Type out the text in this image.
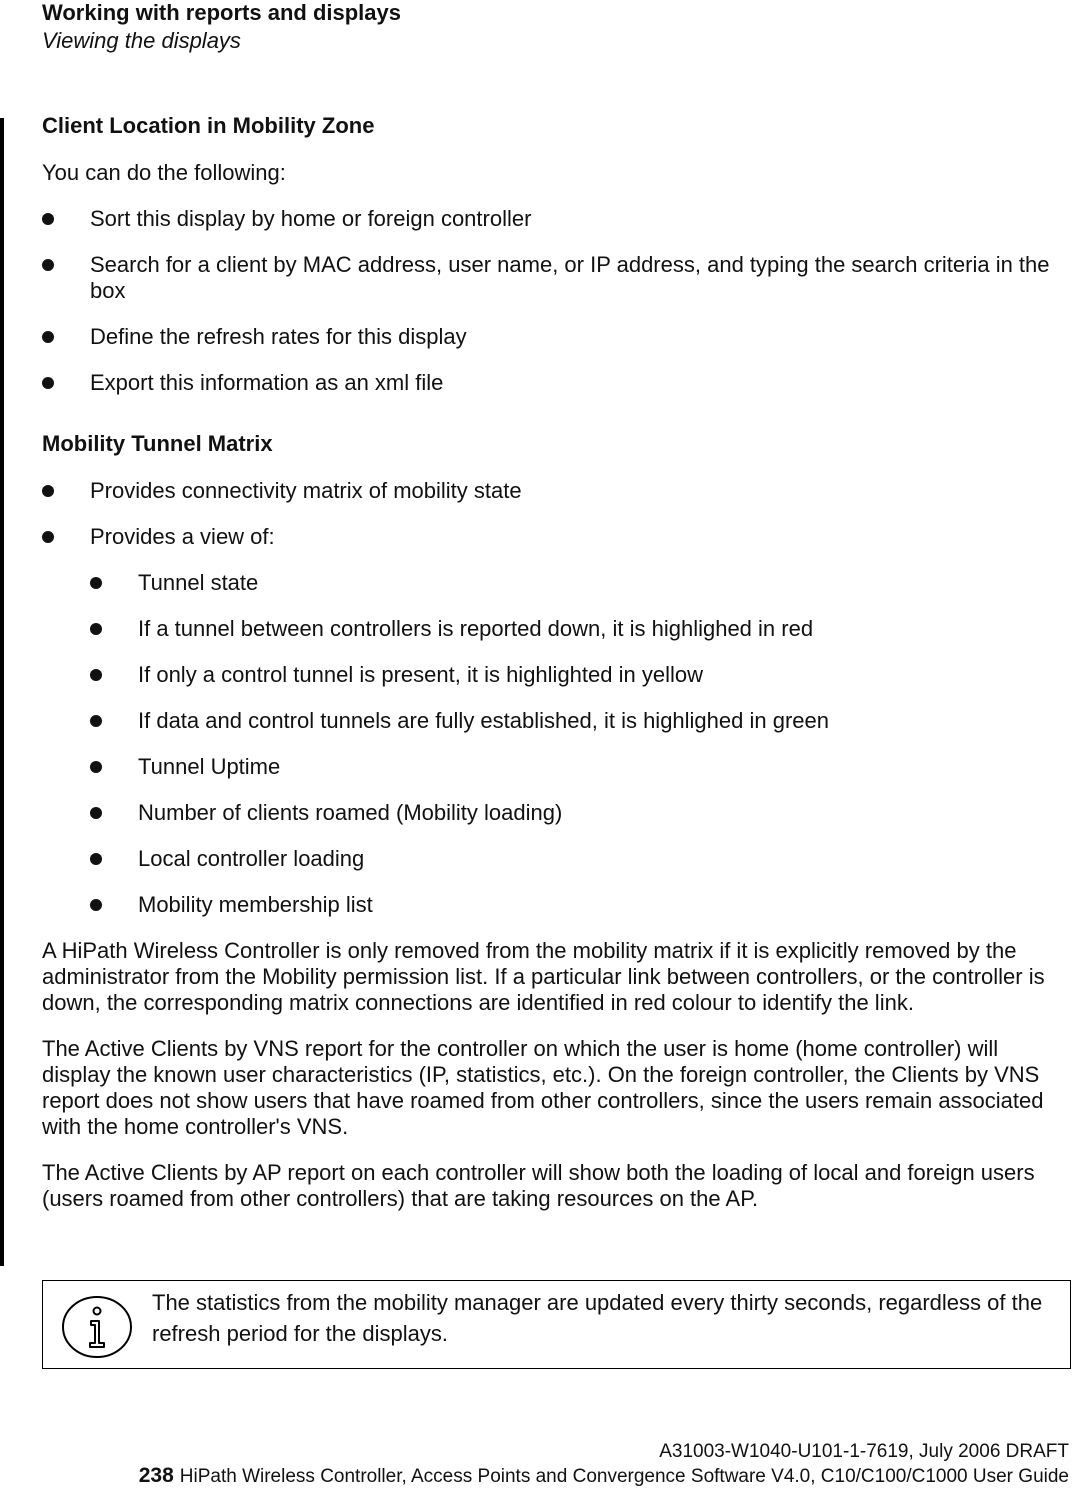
Working with reports and displays
Viewing the displays
Client Location in Mobility Zone

You can do the following:

Sort this display by home or foreign controller
Search for a client by MAC address, user name, or IP address, and typing the search criteria in the box
Define the refresh rates for this display
Export this information as an xml file
Mobility Tunnel Matrix
Provides connectivity matrix of mobility state
Provides a view of:
Tunnel state
If a tunnel between controllers is reported down, it is highlighed in red
If only a control tunnel is present, it is highlighted in yellow
If data and control tunnels are fully established, it is highlighed in green
Tunnel Uptime
Number of clients roamed (Mobility loading)
Local controller loading
Mobility membership list

A HiPath Wireless Controller is only removed from the mobility matrix if it is explicitly removed by the administrator from the Mobility permission list. If a particular link between controllers, or the controller is down, the corresponding matrix connections are identified in red colour to identify the link.

The Active Clients by VNS report for the controller on which the user is home (home controller) will display the known user characteristics (IP, statistics, etc.). On the foreign controller, the Clients by VNS report does not show users that have roamed from other controllers, since the users remain associated with the home controller's VNS.

The Active Clients by AP report on each controller will show both the loading of local and foreign users (users roamed from other controllers) that are taking resources on the AP.

The statistics from the mobility manager are updated every thirty seconds, regardless of the refresh period for the displays.
A31003-W1040-U101-1-7619, July 2006 DRAFT
238 HiPath Wireless Controller, Access Points and Convergence Software V4.0, C10/C100/C1000 User Guide
